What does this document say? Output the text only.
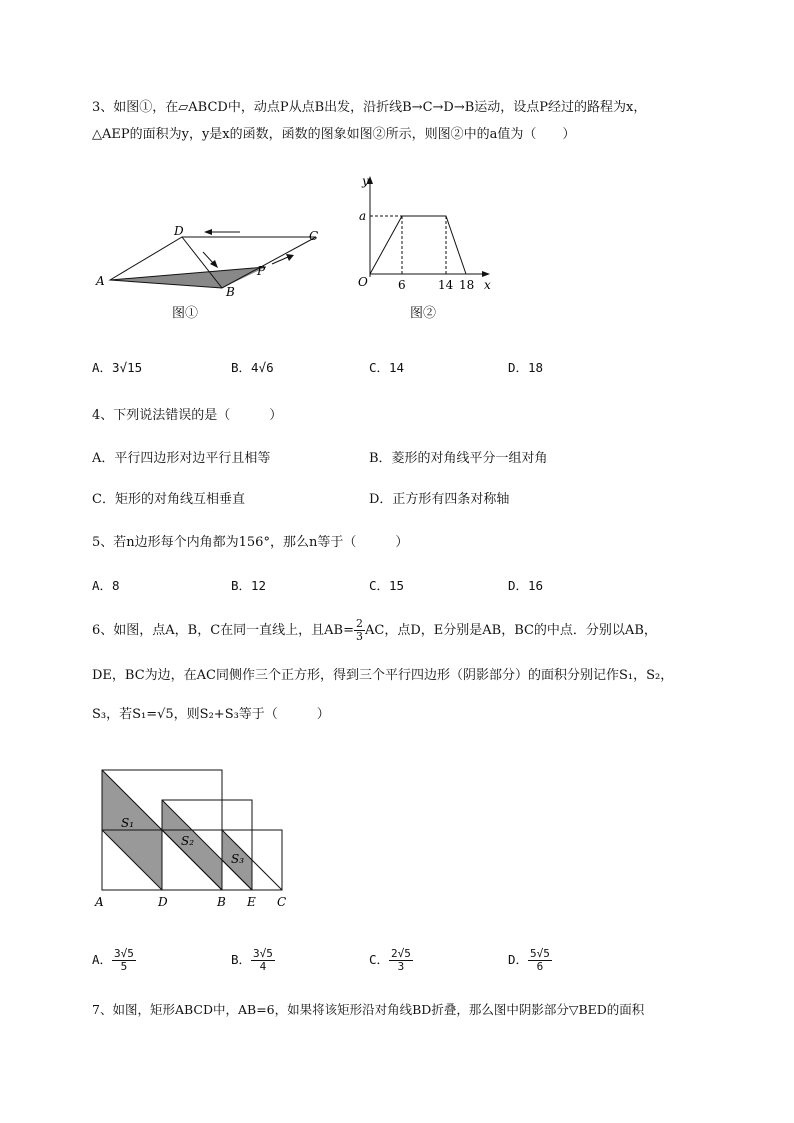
3、如图①，在▱ABCD中，动点P从点B出发，沿折线B→C→D→B运动，设点P经过的路程为x，
△AEP的面积为y，y是x的函数，函数的图象如图②所示，则图②中的a值为（　　）
A
D	C
B
P
图①
y
a
O	6	14 18 x
图②
A．3√15	B．4√6	C．14	D．18
4、下列说法错误的是（　　　）
A．平行四边形对边平行且相等	B．菱形的对角线平分一组对角
C．矩形的对角线互相垂直	D．正方形有四条对称轴
5、若n边形每个内角都为156°，那么n等于（　　　）
A．8	B．12	C．15	D．16
6、如图，点A，B，C在同一直线上，且$AB= \frac{2}{3}$ AC，点D，E分别是AB，BC的中点．分别以AB，
DE，BC为边，在AC同侧作三个正方形，得到三个平行四边形（阴影部分）的面积分别记作S₁，S₂，
S₃，若S₁=√5，则S₂+S₃等于（　　　）
S₁
S₂
S₃
A	D	B E C
A． $\frac{3√5}{5}$	B． $\frac{3√5}{4}$	C． $\frac{2√5}{3}$	D． $\frac{5√5}{6}$
7、如图，矩形ABCD中，AB=6，如果将该矩形沿对角线BD折叠，那么图中阴影部分▽BED的面积
